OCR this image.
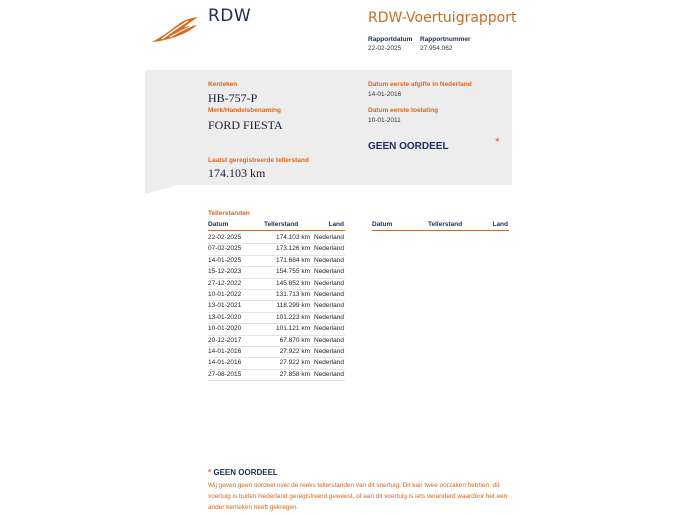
RDW	RDW-Voertuigrapport
Rapportdatum
22-02-2025
Rapportnummer
27.954.062
Kenteken
HB-757-P
Merk/Handelsbenaming
FORD FIESTA
Laatst geregistreerde tellerstand
174.103 km
Datum eerste afgifte in Nederland
14-01-2016
Datum eerste toelating
10-01-2011
GEEN OORDEEL	*
Tellerstanden
Datum	Tellerstand	Land
22-02-2025	174.103 km Nederland
07-02-2025	173.126 km Nederland
14-01-2025	171.684 km Nederland
15-12-2023	154.755 km Nederland
27-12-2022	145.852 km Nederland
10-01-2022	131.713 km Nederland
13-01-2021	118.299 km Nederland
13-01-2020	101.223 km Nederland
10-01-2020	101.121 km Nederland
20-12-2017	67.870 km Nederland
14-01-2016	27.922 km Nederland
14-01-2016	27.922 km Nederland
27-08-2015	27.858 km Nederland
Datum	Tellerstand	Land
* GEEN OORDEEL
Wij geven geen oordeel over de reeks tellerstanden van dit voertuig. Dit kan twee oorzaken hebben: dit voertuig is buiten Nederland geregistreerd geweest, of aan dit voertuig is iets veranderd waardoor het een ander kenteken heeft gekregen.
